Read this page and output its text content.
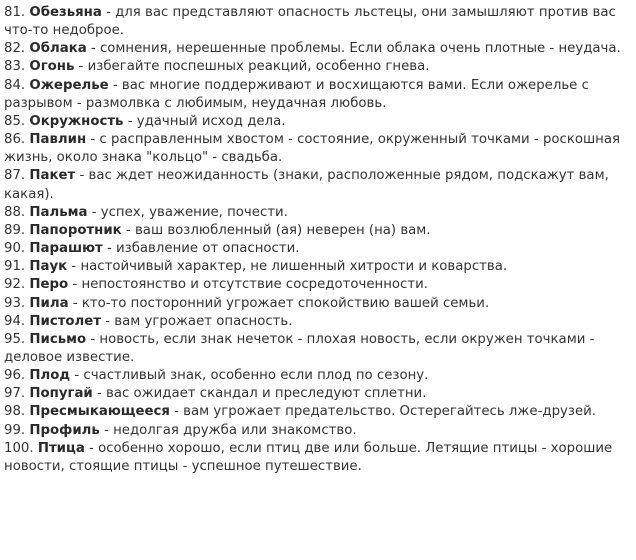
81. Обезьяна - для вас представляют опасность льстецы, они замышляют против вас что-то недоброе.

82. Облака - сомнения, нерешенные проблемы. Если облака очень плотные - неудача.

83. Огонь - избегайте поспешных реакций, особенно гнева.

84. Ожерелье - вас многие поддерживают и восхищаются вами. Если ожерелье с разрывом - размолвка с любимым, неудачная любовь.

85. Окружность - удачный исход дела.

86. Павлин - с расправленным хвостом - состояние, окруженный точками - роскошная жизнь, около знака "кольцо" - свадьба.

87. Пакет - вас ждет неожиданность (знаки, расположенные рядом, подскажут вам, какая).

88. Пальма - успех, уважение, почести.

89. Папоротник - ваш возлюбленный (ая) неверен (на) вам.

90. Парашют - избавление от опасности.

91. Паук - настойчивый характер, не лишенный хитрости и коварства.

92. Перо - непостоянство и отсутствие сосредоточенности.

93. Пила - кто-то посторонний угрожает спокойствию вашей семьи.

94. Пистолет - вам угрожает опасность.

95. Письмо - новость, если знак нечеток - плохая новость, если окружен точками - деловое известие.

96. Плод - счастливый знак, особенно если плод по сезону.

97. Попугай - вас ожидает скандал и преследуют сплетни.

98. Пресмыкающееся - вам угрожает предательство. Остерегайтесь лже-друзей.

99. Профиль - недолгая дружба или знакомство.

100. Птица - особенно хорошо, если птиц две или больше. Летящие птицы - хорошие новости, стоящие птицы - успешное путешествие.
